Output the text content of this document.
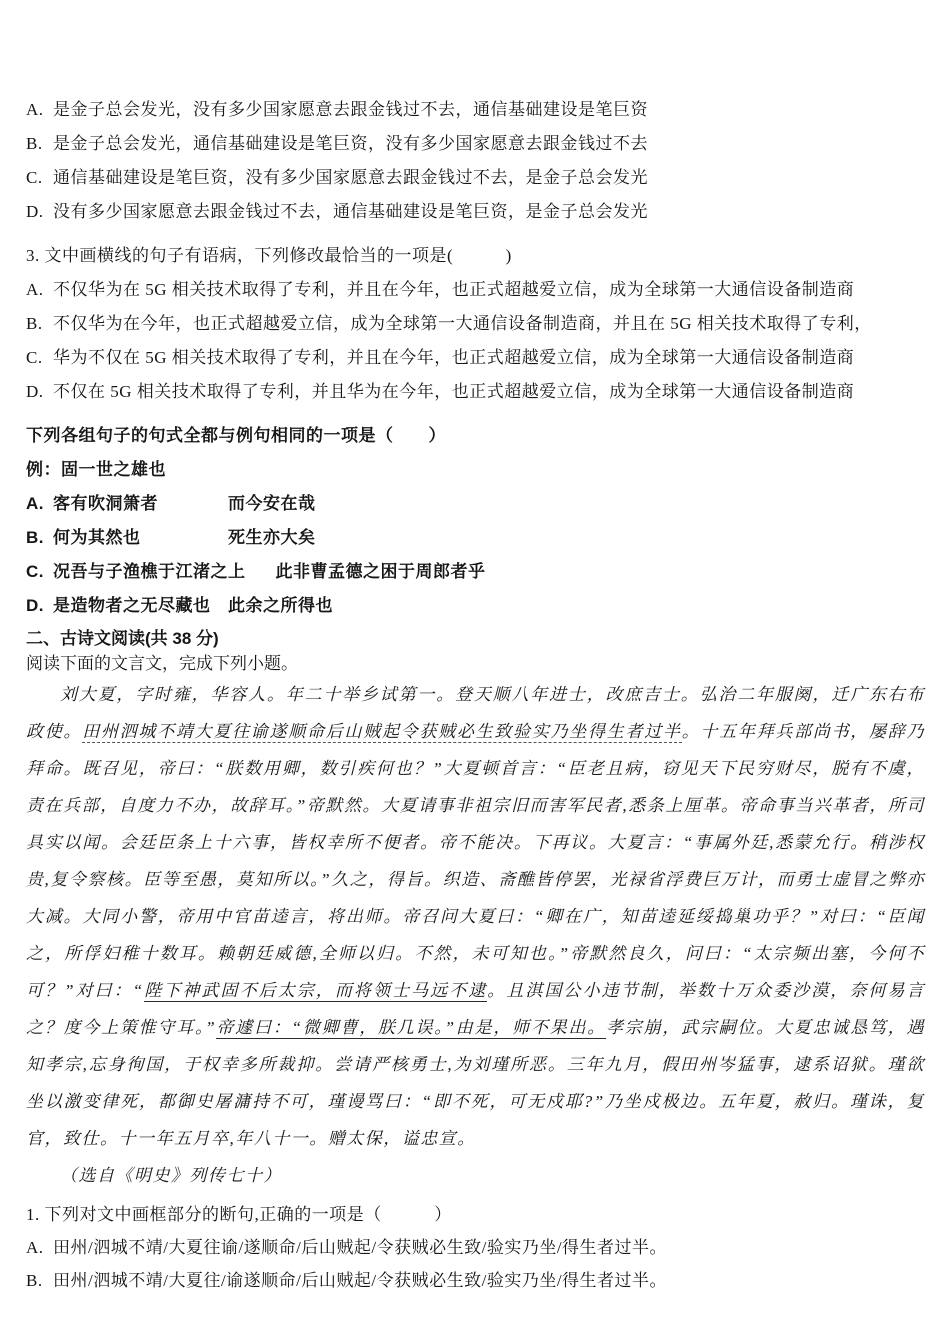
A. 是金子总会发光，没有多少国家愿意去跟金钱过不去，通信基础建设是笔巨资
B. 是金子总会发光，通信基础建设是笔巨资，没有多少国家愿意去跟金钱过不去
C. 通信基础建设是笔巨资，没有多少国家愿意去跟金钱过不去，是金子总会发光
D. 没有多少国家愿意去跟金钱过不去，通信基础建设是笔巨资，是金子总会发光
3. 文中画横线的句子有语病，下列修改最恰当的一项是(　　　)
A. 不仅华为在 5G 相关技术取得了专利，并且在今年，也正式超越爱立信，成为全球第一大通信设备制造商
B. 不仅华为在今年，也正式超越爱立信，成为全球第一大通信设备制造商，并且在 5G 相关技术取得了专利，
C. 华为不仅在 5G 相关技术取得了专利，并且在今年，也正式超越爱立信，成为全球第一大通信设备制造商
D. 不仅在 5G 相关技术取得了专利，并且华为在今年，也正式超越爱立信，成为全球第一大通信设备制造商
下列各组句子的句式全都与例句相同的一项是（　　）
例：固一世之雄也
A. 客有吹洞箫者	而今安在哉
B. 何为其然也	死生亦大矣
C. 况吾与子渔樵于江渚之上 此非曹孟德之困于周郎者乎
D. 是造物者之无尽藏也 此余之所得也
二、古诗文阅读(共 38 分)
阅读下面的文言文，完成下列小题。

刘大夏，字时雍，华容人。年二十举乡试第一。登天顺八年进士，改庶吉士。弘治二年服阕，迁广东右布政使。田州泗城不靖大夏往谕遂顺命后山贼起令获贼必生致验实乃坐得生者过半。十五年拜兵部尚书，屡辞乃拜命。既召见，帝曰：“朕数用卿，数引疾何也？”大夏顿首言：“臣老且病，窃见天下民穷财尽，脱有不虞，责在兵部，自度力不办，故辞耳。”帝默然。大夏请事非祖宗旧而害军民者,悉条上厘革。帝命事当兴革者，所司具实以闻。会廷臣条上十六事，皆权幸所不便者。帝不能决。下再议。大夏言：“事属外廷,悉蒙允行。稍涉权贵,复令察核。臣等至愚，莫知所以。”久之，得旨。织造、斋醮皆停罢，光禄省浮费巨万计，而勇士虚冒之弊亦大减。大同小警，帝用中官苗逵言，将出师。帝召问大夏曰：“卿在广，知苗逵延绥捣巢功乎？”对曰：“臣闻之，所俘妇稚十数耳。赖朝廷威德,全师以归。不然，未可知也。”帝默然良久，问曰：“太宗频出塞，今何不可？”对曰：“陛下神武固不后太宗，而将领士马远不逮。且淇国公小违节制，举数十万众委沙漠，奈何易言之？度今上策惟守耳。”帝遽曰：“微卿曹，朕几误。”由是，师不果出。孝宗崩，武宗嗣位。大夏忠诚恳笃，遇知孝宗,忘身徇国，于权幸多所裁抑。尝请严核勇士,为刘瑾所恶。三年九月，假田州岑猛事，逮系诏狱。瑾欲坐以激变律死，都御史屠滽持不可，瑾谩骂曰：“即不死，可无戍耶?”乃坐戍极边。五年夏，赦归。瑾诛，复官，致仕。十一年五月卒,年八十一。赠太保，谥忠宣。

（选自《明史》列传七十）

1. 下列对文中画框部分的断句,正确的一项是（　　　）
A. 田州/泗城不靖/大夏往谕/遂顺命/后山贼起/令获贼必生致/验实乃坐/得生者过半。
B. 田州/泗城不靖/大夏往/谕遂顺命/后山贼起/令获贼必生致/验实乃坐/得生者过半。
